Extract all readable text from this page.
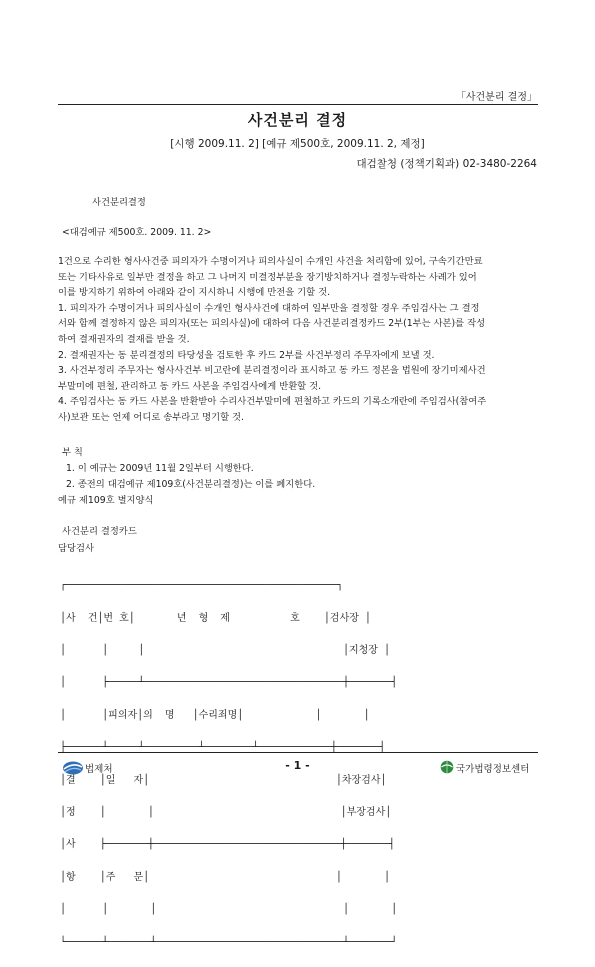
「사건분리 결정」
사건분리 결정
[시행 2009.11. 2] [예규 제500호, 2009.11. 2, 제정]
대검찰청 (정책기획과) 02-3480-2264
사건분리결정
<대검예규 제500호. 2009. 11. 2>
1건으로 수리한 형사사건중 피의자가 수명이거나 피의사실이 수개인 사건을 처리함에 있어, 구속기간만료
또는 기타사유로 일부만 결정을 하고 그 나머지 미결정부분을 장기방치하거나 결정누락하는 사례가 있어
이를 방지하기 위하여 아래와 같이 지시하니 시행에 만전을 기할 것.
1. 피의자가 수명이거나 피의사실이 수개인 형사사건에 대하여 일부만을 결정할 경우 주임검사는 그 결정
서와 함께 결정하지 않은 피의자(또는 피의사실)에 대하여 다음 사건분리결정카드 2부(1부는 사본)를 작성
하여 결재권자의 결재를 받을 것.
2. 결재권자는 동 분리결정의 타당성을 검토한 후 카드 2부를 사건부정리 주무자에게 보낼 것.
3. 사건부정리 주무자는 형사사건부 비고란에 분리결정이라 표시하고 동 카드 정본을 법원에 장기미제사건
부말미에 편철, 관리하고 동 카드 사본을 주임검사에게 반환할 것.
4. 주임검사는 동 카드 사본을 반환받아 수리사건부말미에 편철하고 카드의 기록소개란에 주임검사(참여주
사)보관 또는 언제 어디로 송부라고 명기할 것.
부 칙
1. 이 예규는 2009년 11월 2일부터 시행한다.
2. 종전의 대검예규 제109호(사건분리결정)는 이를 폐지한다.
예규 제109호 별지양식
사건분리 결정카드
담당검사

┌─────────────────────────────────────────────┐

│사  건│번 호│       년  형  제          호    │검사장 │

│      │     │                                 │지청장 │

│      ├─────┴─────────────────────────────────┼───────┤

│      │피의자│의  명   │수리죄명│            │       │

├──────┴─────┴─────────┴────────┴────────────┼───────┤

│결    │일   자│                               │차장검사│

│정    │       │                               │부장검사│

│사    ├───────┼───────────────────────────────┼───────┤

│항    │주   문│                               │       │

│      │       │                               │       │

└──────┴───────┴───────────────────────────────┴───────┘

법제처	- 1 -	국가법령정보센터
